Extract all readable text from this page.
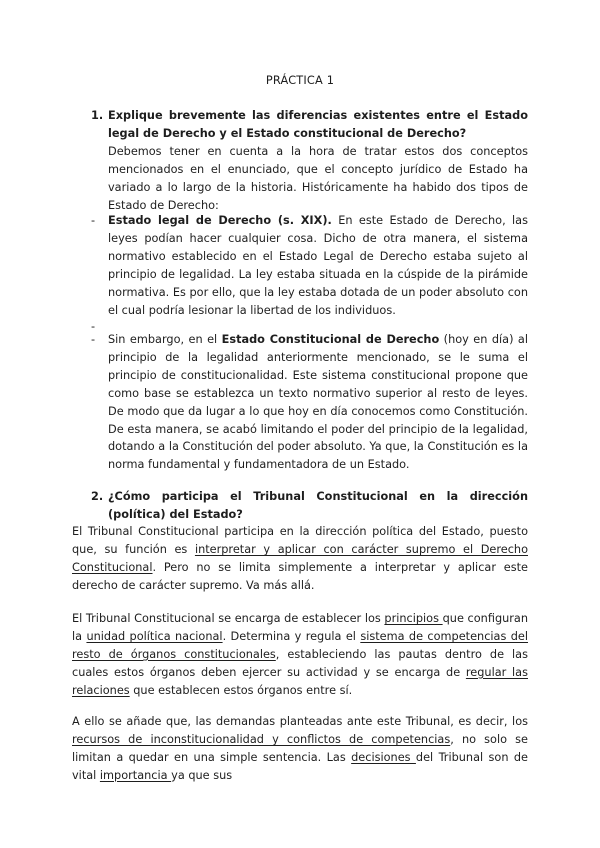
PRÁCTICA 1
1. Explique brevemente las diferencias existentes entre el Estado legal de Derecho y el Estado constitucional de Derecho?
Debemos tener en cuenta a la hora de tratar estos dos conceptos mencionados en el enunciado, que el concepto jurídico de Estado ha variado a lo largo de la historia. Históricamente ha habido dos tipos de Estado de Derecho:
- Estado legal de Derecho (s. XIX). En este Estado de Derecho, las leyes podían hacer cualquier cosa. Dicho de otra manera, el sistema normativo establecido en el Estado Legal de Derecho estaba sujeto al principio de legalidad. La ley estaba situada en la cúspide de la pirámide normativa. Es por ello, que la ley estaba dotada de un poder absoluto con el cual podría lesionar la libertad de los individuos.
-
- Sin embargo, en el Estado Constitucional de Derecho (hoy en día) al principio de la legalidad anteriormente mencionado, se le suma el principio de constitucionalidad. Este sistema constitucional propone que como base se establezca un texto normativo superior al resto de leyes. De modo que da lugar a lo que hoy en día conocemos como Constitución. De esta manera, se acabó limitando el poder del principio de la legalidad, dotando a la Constitución del poder absoluto. Ya que, la Constitución es la norma fundamental y fundamentadora de un Estado.
2. ¿Cómo participa el Tribunal Constitucional en la dirección (política) del Estado?
El Tribunal Constitucional participa en la dirección política del Estado, puesto que, su función es interpretar y aplicar con carácter supremo el Derecho Constitucional. Pero no se limita simplemente a interpretar y aplicar este derecho de carácter supremo. Va más allá.
El Tribunal Constitucional se encarga de establecer los principios que configuran la unidad política nacional. Determina y regula el sistema de competencias del resto de órganos constitucionales, estableciendo las pautas dentro de las cuales estos órganos deben ejercer su actividad y se encarga de regular las relaciones que establecen estos órganos entre sí.
A ello se añade que, las demandas planteadas ante este Tribunal, es decir, los recursos de inconstitucionalidad y conflictos de competencias, no solo se limitan a quedar en una simple sentencia. Las decisiones del Tribunal son de vital importancia ya que sus
